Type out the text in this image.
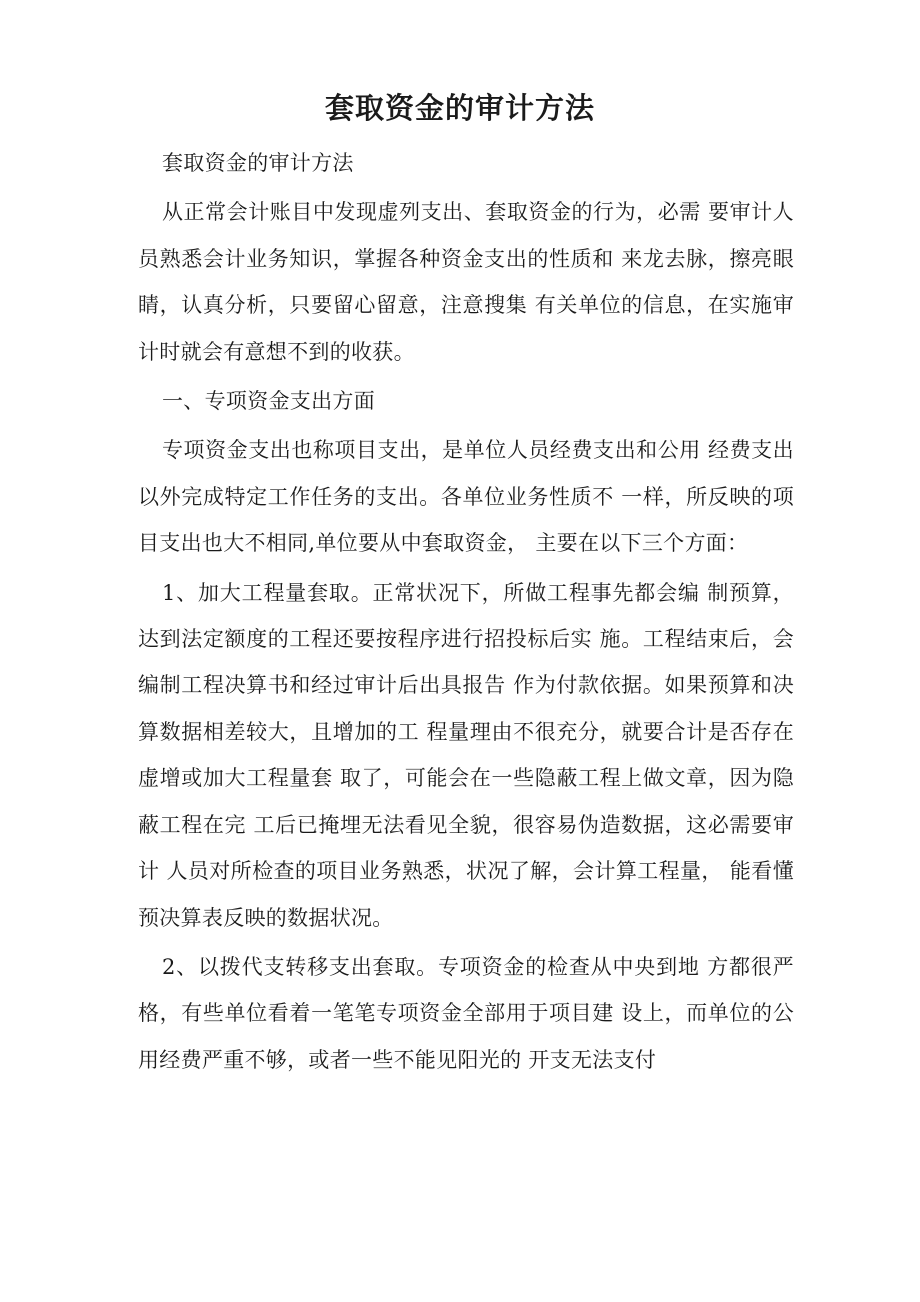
套取资金的审计方法

套取资金的审计方法

从正常会计账目中发现虚列支出、套取资金的行为，必需 要审计人员熟悉会计业务知识，掌握各种资金支出的性质和 来龙去脉，擦亮眼睛，认真分析，只要留心留意，注意搜集 有关单位的信息，在实施审计时就会有意想不到的收获。

一、专项资金支出方面

专项资金支出也称项目支出，是单位人员经费支出和公用 经费支出以外完成特定工作任务的支出。各单位业务性质不 一样，所反映的项目支出也大不相同,单位要从中套取资金， 主要在以下三个方面：

1、加大工程量套取。正常状况下，所做工程事先都会编 制预算，达到法定额度的工程还要按程序进行招投标后实 施。工程结束后，会编制工程决算书和经过审计后出具报告 作为付款依据。如果预算和决算数据相差较大，且增加的工 程量理由不很充分，就要合计是否存在虚增或加大工程量套 取了，可能会在一些隐蔽工程上做文章，因为隐蔽工程在完 工后已掩埋无法看见全貌，很容易伪造数据，这必需要审计 人员对所检查的项目业务熟悉，状况了解，会计算工程量， 能看懂预决算表反映的数据状况。

2、以拨代支转移支出套取。专项资金的检查从中央到地 方都很严格，有些单位看着一笔笔专项资金全部用于项目建 设上，而单位的公用经费严重不够，或者一些不能见阳光的 开支无法支付
